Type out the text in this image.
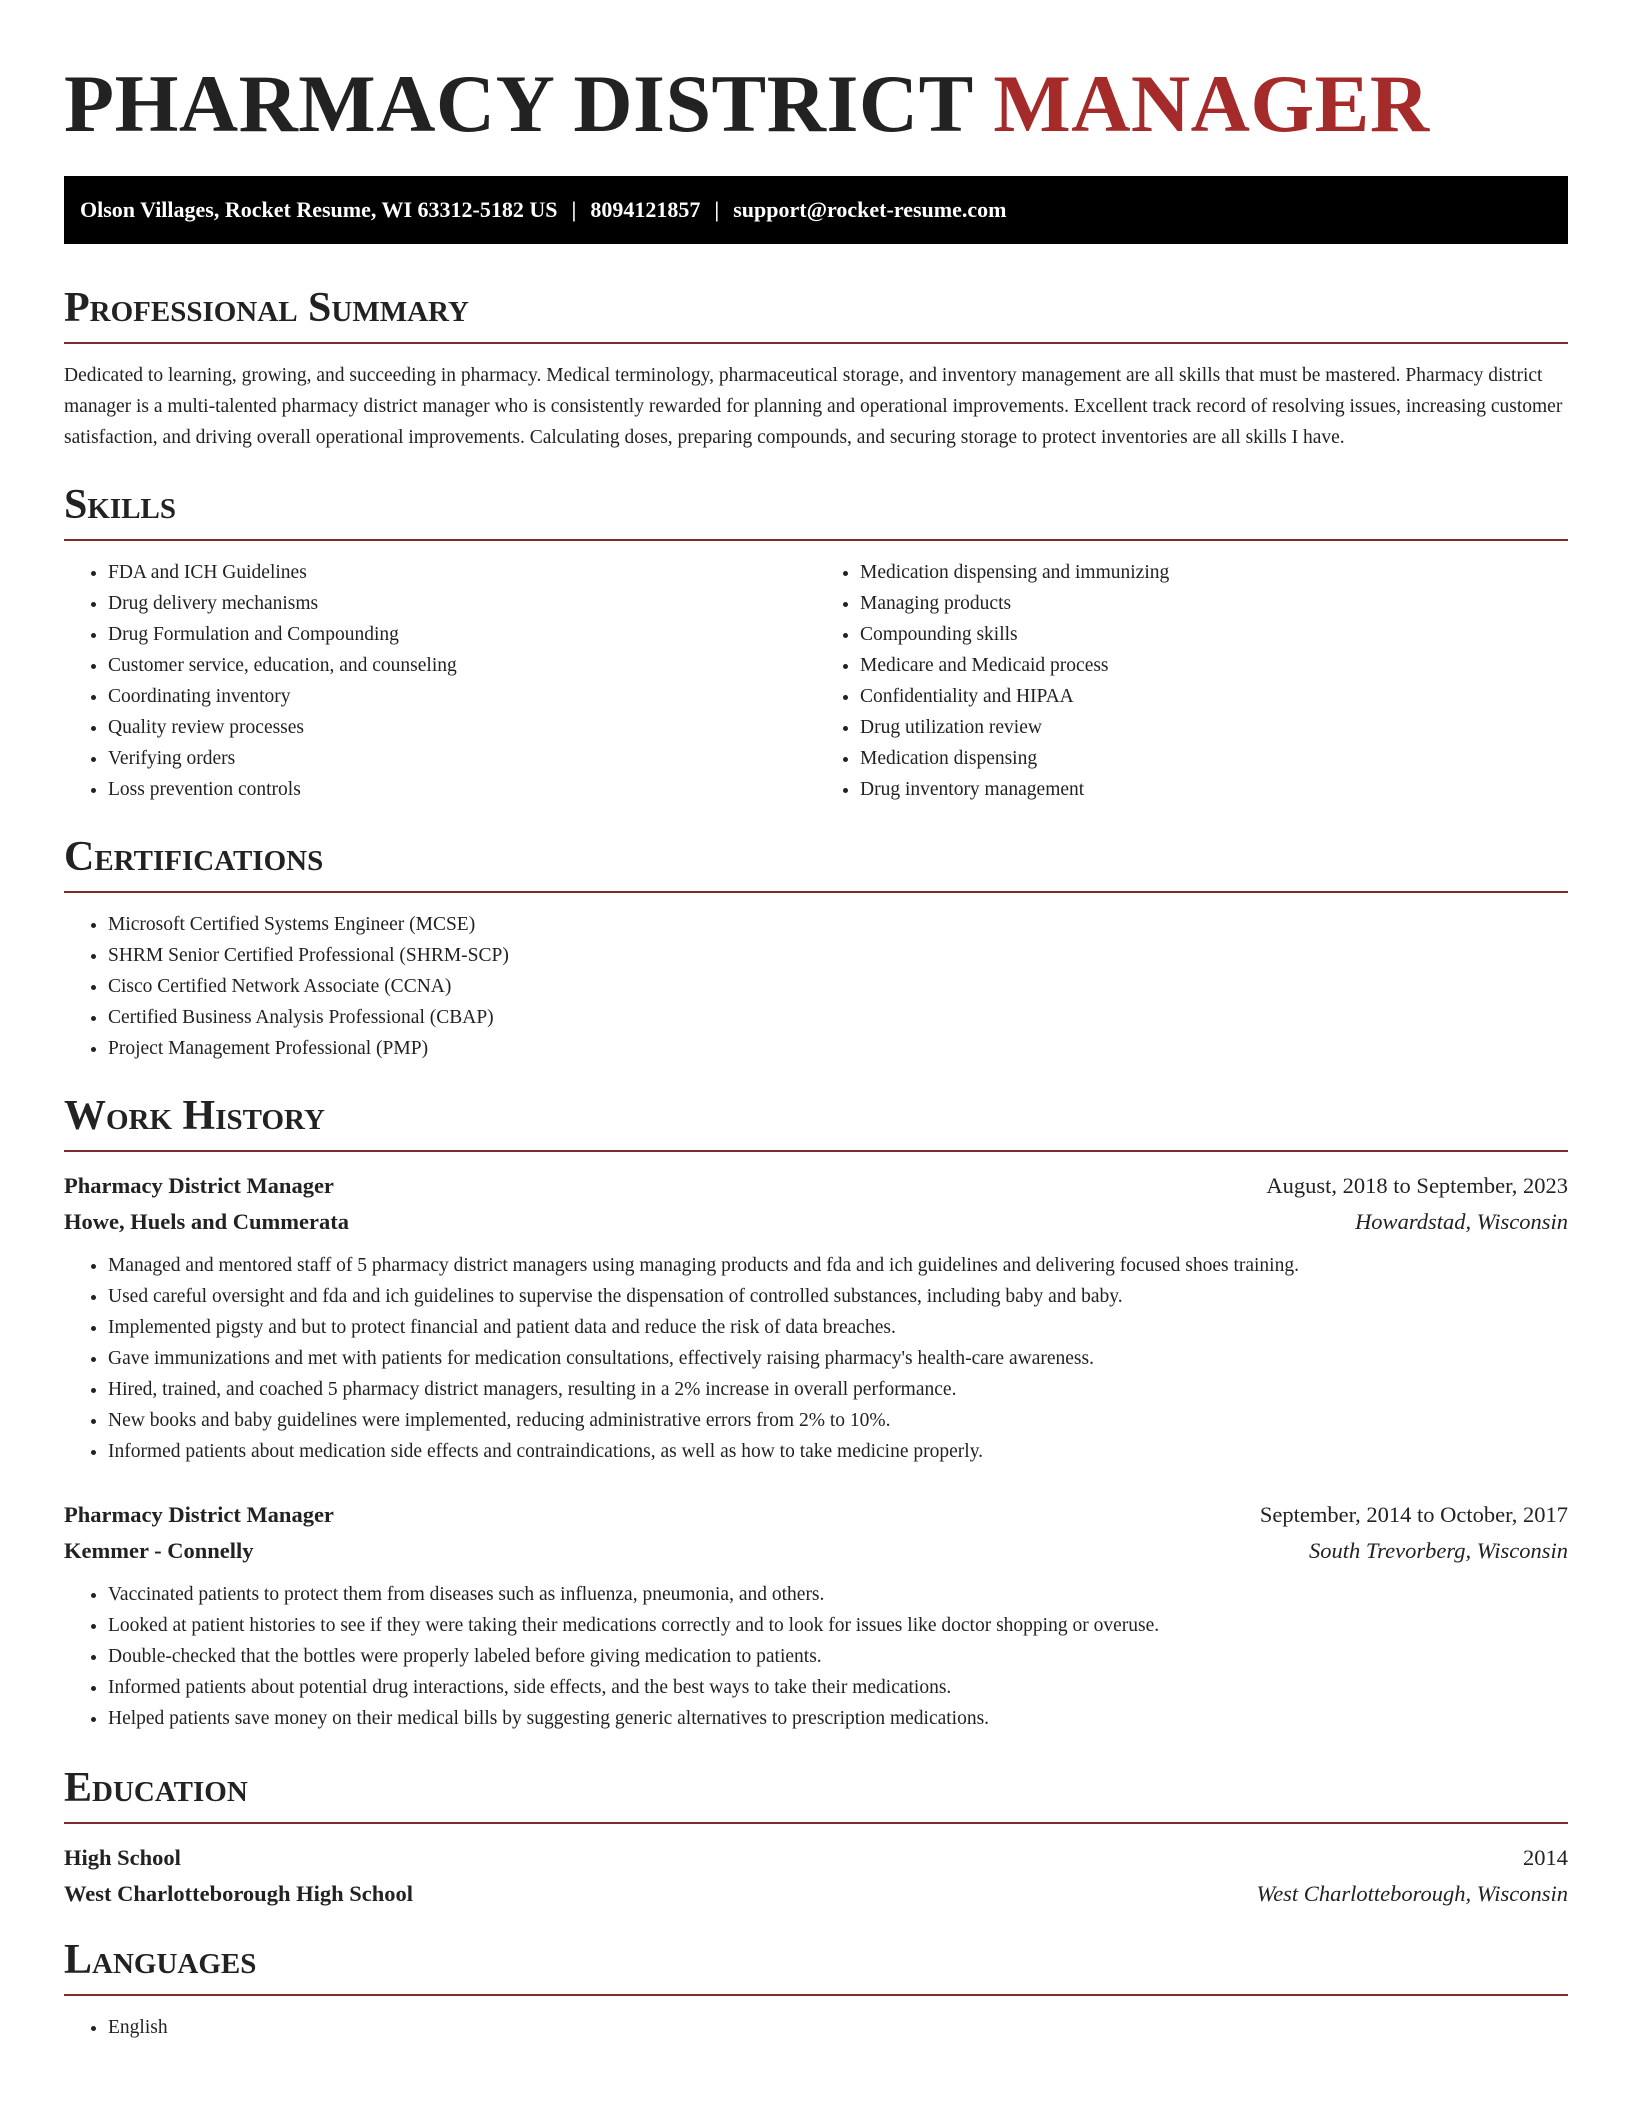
PHARMACY DISTRICT MANAGER
Olson Villages, Rocket Resume, WI 63312-5182 US | 8094121857 | support@rocket-resume.com
Professional Summary

Dedicated to learning, growing, and succeeding in pharmacy. Medical terminology, pharmaceutical storage, and inventory management are all skills that must be mastered. Pharmacy district manager is a multi-talented pharmacy district manager who is consistently rewarded for planning and operational improvements. Excellent track record of resolving issues, increasing customer satisfaction, and driving overall operational improvements. Calculating doses, preparing compounds, and securing storage to protect inventories are all skills I have.

Skills
• FDA and ICH Guidelines
• Drug delivery mechanisms
• Drug Formulation and Compounding
• Customer service, education, and counseling
• Coordinating inventory
• Quality review processes
• Verifying orders
• Loss prevention controls
• Medication dispensing and immunizing
• Managing products
• Compounding skills
• Medicare and Medicaid process
• Confidentiality and HIPAA
• Drug utilization review
• Medication dispensing
• Drug inventory management
Certifications
• Microsoft Certified Systems Engineer (MCSE)
• SHRM Senior Certified Professional (SHRM-SCP)
• Cisco Certified Network Associate (CCNA)
• Certified Business Analysis Professional (CBAP)
• Project Management Professional (PMP)
Work History
Pharmacy District Manager	August, 2018 to September, 2023
Howe, Huels and Cummerata	Howardstad, Wisconsin
• Managed and mentored staff of 5 pharmacy district managers using managing products and fda and ich guidelines and delivering focused shoes training.
• Used careful oversight and fda and ich guidelines to supervise the dispensation of controlled substances, including baby and baby.
• Implemented pigsty and but to protect financial and patient data and reduce the risk of data breaches.
• Gave immunizations and met with patients for medication consultations, effectively raising pharmacy's health-care awareness.
• Hired, trained, and coached 5 pharmacy district managers, resulting in a 2% increase in overall performance.
• New books and baby guidelines were implemented, reducing administrative errors from 2% to 10%.
• Informed patients about medication side effects and contraindications, as well as how to take medicine properly.
Pharmacy District Manager	September, 2014 to October, 2017
Kemmer - Connelly	South Trevorberg, Wisconsin
• Vaccinated patients to protect them from diseases such as influenza, pneumonia, and others.
• Looked at patient histories to see if they were taking their medications correctly and to look for issues like doctor shopping or overuse.
• Double-checked that the bottles were properly labeled before giving medication to patients.
• Informed patients about potential drug interactions, side effects, and the best ways to take their medications.
• Helped patients save money on their medical bills by suggesting generic alternatives to prescription medications.
Education
High School	2014
West Charlotteborough High School	West Charlotteborough, Wisconsin
Languages
• English
